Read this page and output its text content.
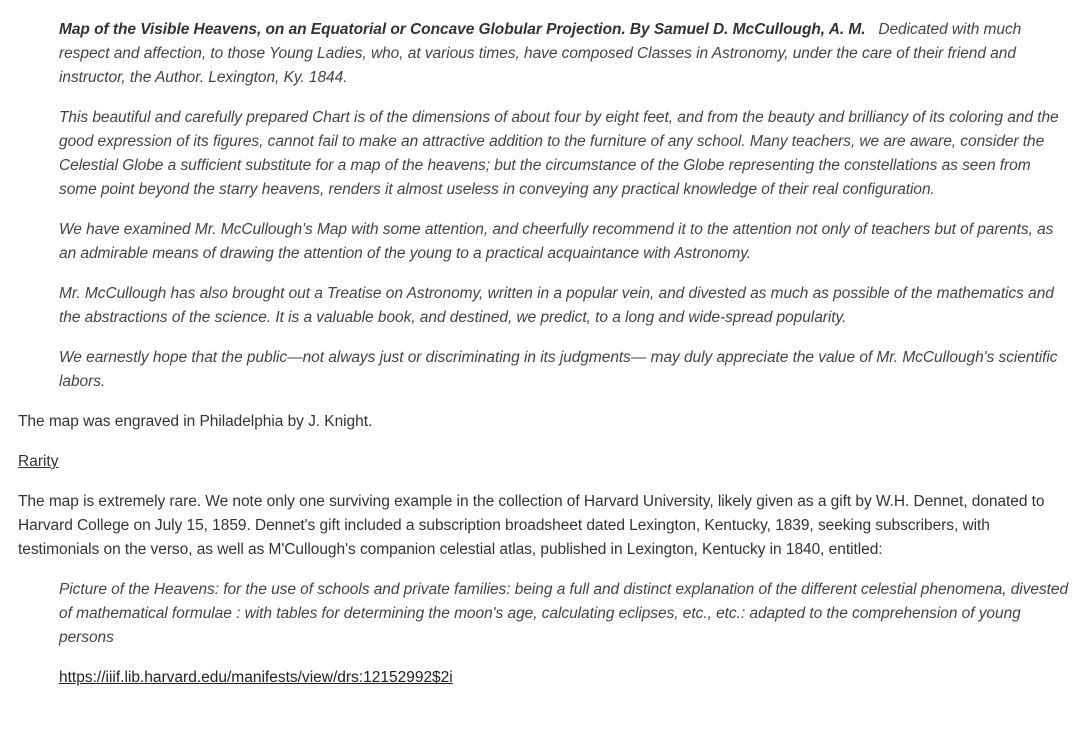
Map of the Visible Heavens, on an Equatorial or Concave Globular Projection. By Samuel D. McCullough, A. M. Dedicated with much respect and affection, to those Young Ladies, who, at various times, have composed Classes in Astronomy, under the care of their friend and instructor, the Author. Lexington, Ky. 1844.

This beautiful and carefully prepared Chart is of the dimensions of about four by eight feet, and from the beauty and brilliancy of its coloring and the good expression of its figures, cannot fail to make an attractive addition to the furniture of any school. Many teachers, we are aware, consider the Celestial Globe a sufficient substitute for a map of the heavens; but the circumstance of the Globe representing the constellations as seen from some point beyond the starry heavens, renders it almost useless in conveying any practical knowledge of their real configuration.

We have examined Mr. McCullough's Map with some attention, and cheerfully recommend it to the attention not only of teachers but of parents, as an admirable means of drawing the attention of the young to a practical acquaintance with Astronomy.

Mr. McCullough has also brought out a Treatise on Astronomy, written in a popular vein, and divested as much as possible of the mathematics and the abstractions of the science. It is a valuable book, and destined, we predict, to a long and wide-spread popularity.

We earnestly hope that the public—not always just or discriminating in its judgments— may duly appreciate the value of Mr. McCullough's scientific labors.

The map was engraved in Philadelphia by J. Knight.

Rarity

The map is extremely rare. We note only one surviving example in the collection of Harvard University, likely given as a gift by W.H. Dennet, donated to Harvard College on July 15, 1859. Dennet's gift included a subscription broadsheet dated Lexington, Kentucky, 1839, seeking subscribers, with testimonials on the verso, as well as M'Cullough's companion celestial atlas, published in Lexington, Kentucky in 1840, entitled:

Picture of the Heavens: for the use of schools and private families: being a full and distinct explanation of the different celestial phenomena, divested of mathematical formulae : with tables for determining the moon's age, calculating eclipses, etc., etc.: adapted to the comprehension of young persons

https://iiif.lib.harvard.edu/manifests/view/drs:12152992$2i
